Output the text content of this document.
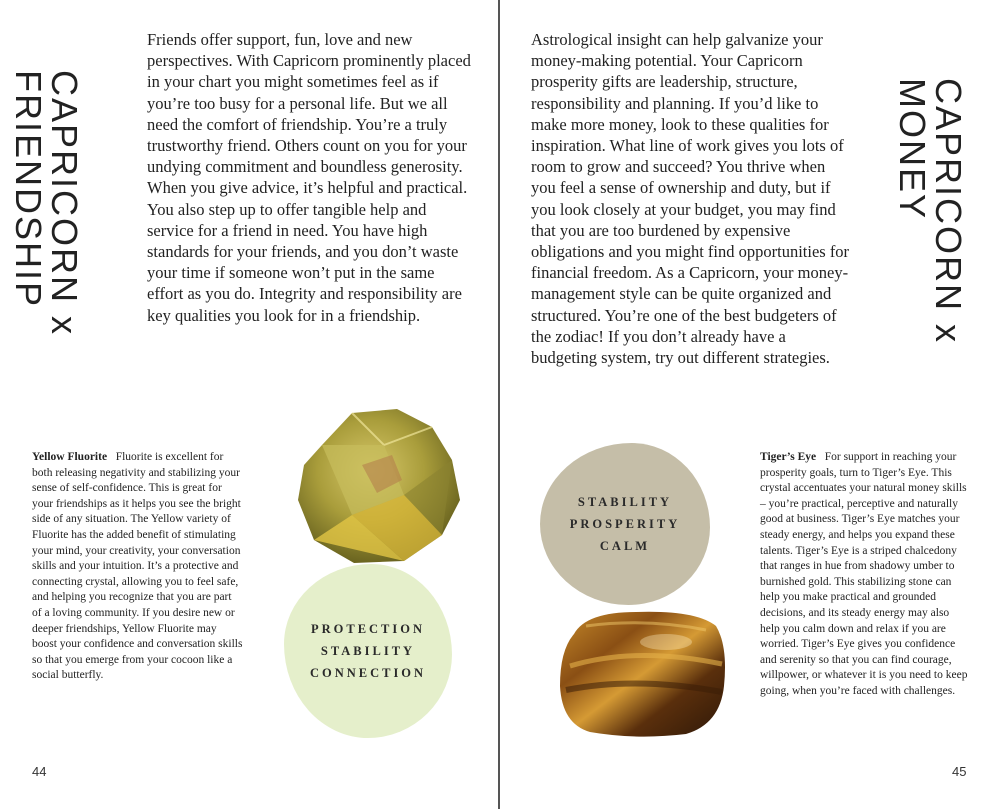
CAPRICORN x
FRIENDSHIP
Friends offer support, fun, love and new perspectives. With Capricorn prominently placed in your chart you might sometimes feel as if you’re too busy for a personal life. But we all need the comfort of friendship. You’re a truly trustworthy friend. Others count on you for your undying commitment and boundless generosity. When you give advice, it’s helpful and practical. You also step up to offer tangible help and service for a friend in need. You have high standards for your friends, and you don’t waste your time if someone won’t put in the same effort as you do. Integrity and responsibility are key qualities you look for in a friendship.
Yellow Fluorite Fluorite is excellent for both releasing negativity and stabilizing your sense of self-confidence. This is great for your friendships as it helps you see the bright side of any situation. The Yellow variety of Fluorite has the added benefit of stimulating your mind, your creativity, your conversation skills and your intuition. It’s a protective and connecting crystal, allowing you to feel safe, and helping you recognize that you are part of a loving community. If you desire new or deeper friendships, Yellow Fluorite may boost your confidence and conversation skills so that you emerge from your cocoon like a social butterfly.
PROTECTION
STABILITY
CONNECTION
44
CAPRICORN x
MONEY
Astrological insight can help galvanize your money-making potential. Your Capricorn prosperity gifts are leadership, structure, responsibility and planning. If you’d like to make more money, look to these qualities for inspiration. What line of work gives you lots of room to grow and succeed? You thrive when you feel a sense of ownership and duty, but if you look closely at your budget, you may find that you are too burdened by expensive obligations and you might find opportunities for financial freedom. As a Capricorn, your money-management style can be quite organized and structured. You’re one of the best budgeters of the zodiac! If you don’t already have a budgeting system, try out different strategies.
STABILITY
PROSPERITY
CALM
Tiger’s Eye For support in reaching your prosperity goals, turn to Tiger’s Eye. This crystal accentuates your natural money skills – you’re practical, perceptive and naturally good at business. Tiger’s Eye matches your steady energy, and helps you expand these talents. Tiger’s Eye is a striped chalcedony that ranges in hue from shadowy umber to burnished gold. This stabilizing stone can help you make practical and grounded decisions, and its steady energy may also help you calm down and relax if you are worried. Tiger’s Eye gives you confidence and serenity so that you can find courage, willpower, or whatever it is you need to keep going, when you’re faced with challenges.
45
